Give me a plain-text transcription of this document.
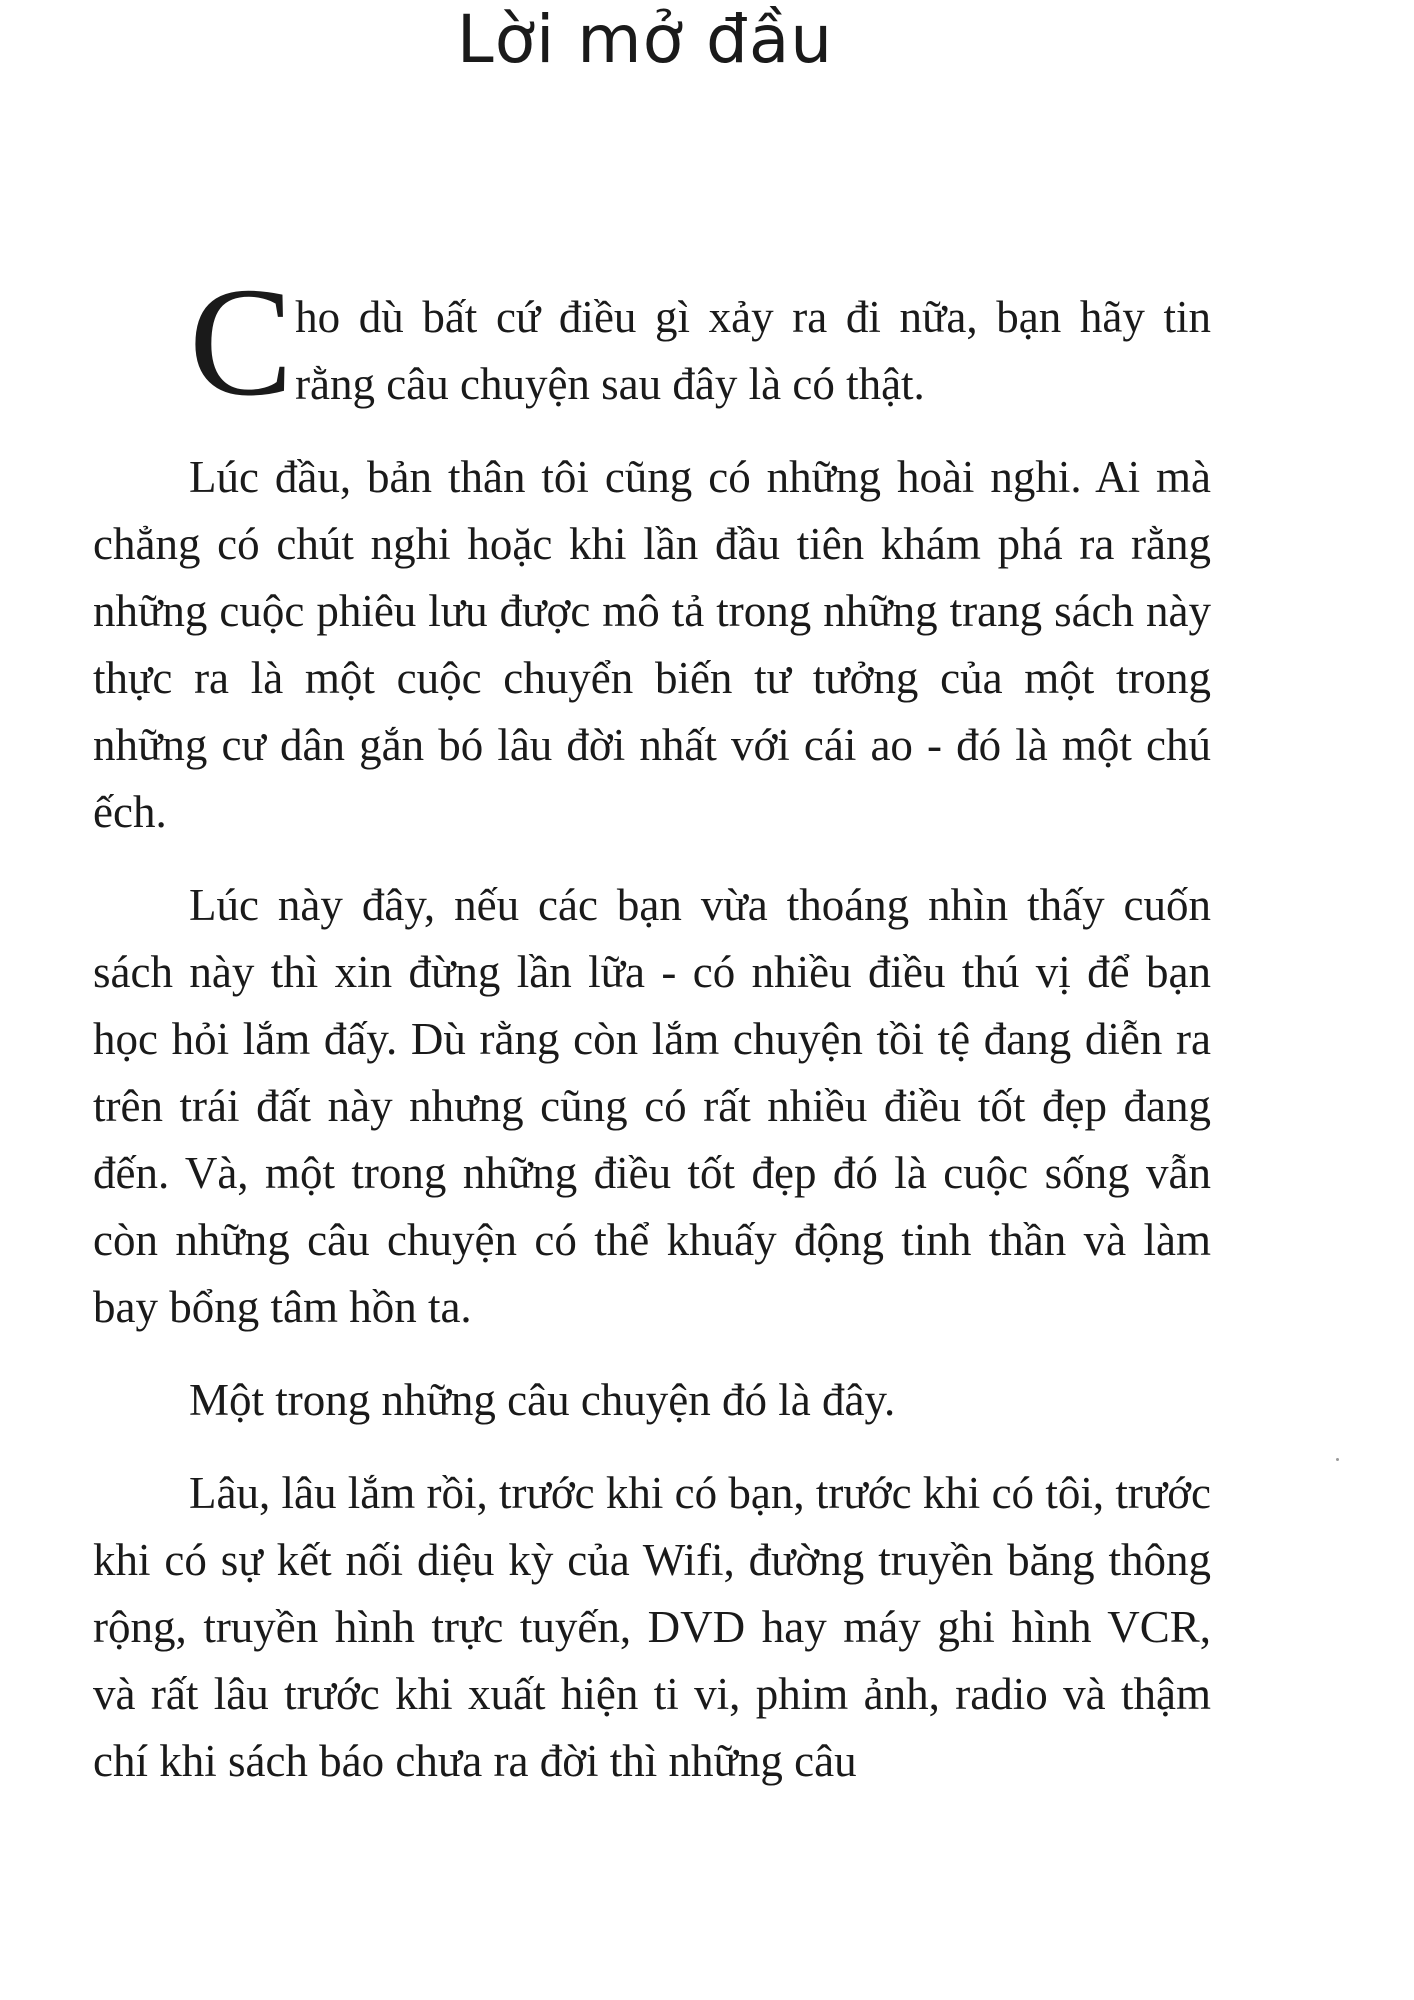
Lời mở đầu

Cho dù bất cứ điều gì xảy ra đi nữa, bạn hãy tin rằng câu chuyện sau đây là có thật.

Lúc đầu, bản thân tôi cũng có những hoài nghi. Ai mà chẳng có chút nghi hoặc khi lần đầu tiên khám phá ra rằng những cuộc phiêu lưu được mô tả trong những trang sách này thực ra là một cuộc chuyển biến tư tưởng của một trong những cư dân gắn bó lâu đời nhất với cái ao - đó là một chú ếch.

Lúc này đây, nếu các bạn vừa thoáng nhìn thấy cuốn sách này thì xin đừng lần lữa - có nhiều điều thú vị để bạn học hỏi lắm đấy. Dù rằng còn lắm chuyện tồi tệ đang diễn ra trên trái đất này nhưng cũng có rất nhiều điều tốt đẹp đang đến. Và, một trong những điều tốt đẹp đó là cuộc sống vẫn còn những câu chuyện có thể khuấy động tinh thần và làm bay bổng tâm hồn ta.

Một trong những câu chuyện đó là đây.

Lâu, lâu lắm rồi, trước khi có bạn, trước khi có tôi, trước khi có sự kết nối diệu kỳ của Wifi, đường truyền băng thông rộng, truyền hình trực tuyến, DVD hay máy ghi hình VCR, và rất lâu trước khi xuất hiện ti vi, phim ảnh, radio và thậm chí khi sách báo chưa ra đời thì những câu
